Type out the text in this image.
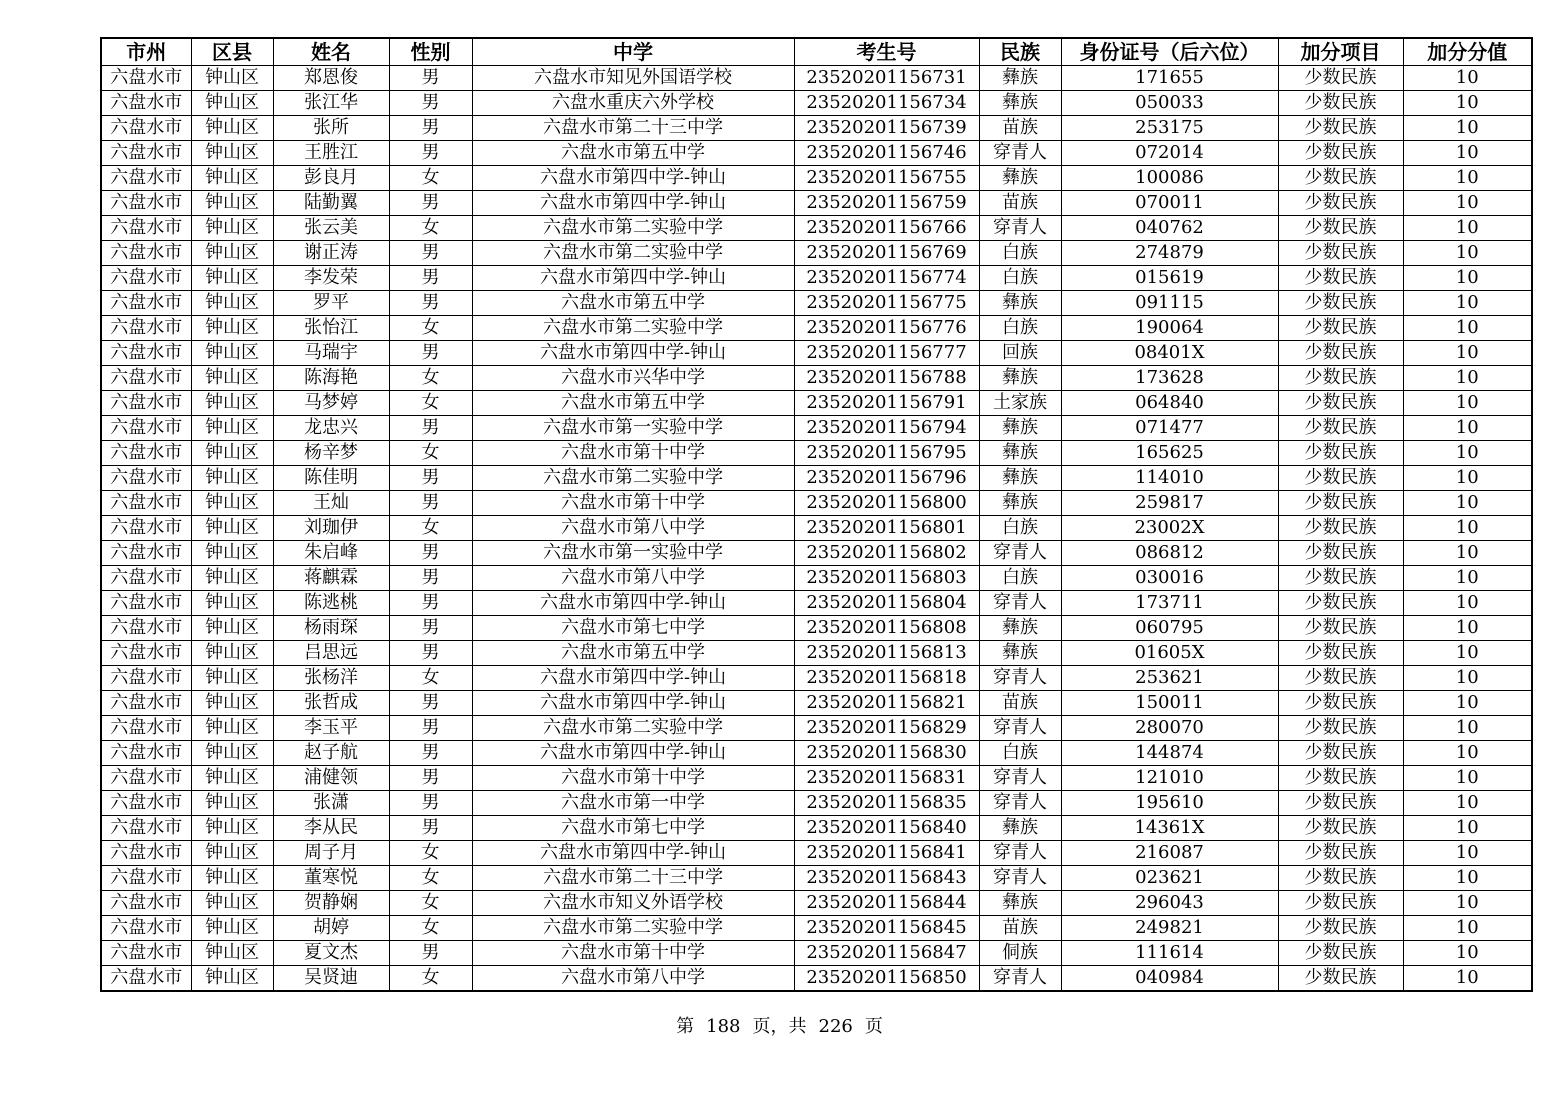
市州	区县	姓名	性别	中学	考生号	民族	身份证号（后六位）	加分项目	加分分值
六盘水市	钟山区	郑恩俊	男	六盘水市知见外国语学校	23520201156731	彝族	171655	少数民族	10
六盘水市	钟山区	张江华	男	六盘水重庆六外学校	23520201156734	彝族	050033	少数民族	10
六盘水市	钟山区	张所	男	六盘水市第二十三中学	23520201156739	苗族	253175	少数民族	10
六盘水市	钟山区	王胜江	男	六盘水市第五中学	23520201156746	穿青人	072014	少数民族	10
六盘水市	钟山区	彭良月	女	六盘水市第四中学-钟山	23520201156755	彝族	100086	少数民族	10
六盘水市	钟山区	陆勤翼	男	六盘水市第四中学-钟山	23520201156759	苗族	070011	少数民族	10
六盘水市	钟山区	张云美	女	六盘水市第二实验中学	23520201156766	穿青人	040762	少数民族	10
六盘水市	钟山区	谢正涛	男	六盘水市第二实验中学	23520201156769	白族	274879	少数民族	10
六盘水市	钟山区	李发荣	男	六盘水市第四中学-钟山	23520201156774	白族	015619	少数民族	10
六盘水市	钟山区	罗平	男	六盘水市第五中学	23520201156775	彝族	091115	少数民族	10
六盘水市	钟山区	张怡江	女	六盘水市第二实验中学	23520201156776	白族	190064	少数民族	10
六盘水市	钟山区	马瑞宇	男	六盘水市第四中学-钟山	23520201156777	回族	08401X	少数民族	10
六盘水市	钟山区	陈海艳	女	六盘水市兴华中学	23520201156788	彝族	173628	少数民族	10
六盘水市	钟山区	马梦婷	女	六盘水市第五中学	23520201156791	土家族	064840	少数民族	10
六盘水市	钟山区	龙忠兴	男	六盘水市第一实验中学	23520201156794	彝族	071477	少数民族	10
六盘水市	钟山区	杨辛梦	女	六盘水市第十中学	23520201156795	彝族	165625	少数民族	10
六盘水市	钟山区	陈佳明	男	六盘水市第二实验中学	23520201156796	彝族	114010	少数民族	10
六盘水市	钟山区	王灿	男	六盘水市第十中学	23520201156800	彝族	259817	少数民族	10
六盘水市	钟山区	刘珈伊	女	六盘水市第八中学	23520201156801	白族	23002X	少数民族	10
六盘水市	钟山区	朱启峰	男	六盘水市第一实验中学	23520201156802	穿青人	086812	少数民族	10
六盘水市	钟山区	蒋麒霖	男	六盘水市第八中学	23520201156803	白族	030016	少数民族	10
六盘水市	钟山区	陈逃桃	男	六盘水市第四中学-钟山	23520201156804	穿青人	173711	少数民族	10
六盘水市	钟山区	杨雨琛	男	六盘水市第七中学	23520201156808	彝族	060795	少数民族	10
六盘水市	钟山区	吕思远	男	六盘水市第五中学	23520201156813	彝族	01605X	少数民族	10
六盘水市	钟山区	张杨洋	女	六盘水市第四中学-钟山	23520201156818	穿青人	253621	少数民族	10
六盘水市	钟山区	张哲成	男	六盘水市第四中学-钟山	23520201156821	苗族	150011	少数民族	10
六盘水市	钟山区	李玉平	男	六盘水市第二实验中学	23520201156829	穿青人	280070	少数民族	10
六盘水市	钟山区	赵子航	男	六盘水市第四中学-钟山	23520201156830	白族	144874	少数民族	10
六盘水市	钟山区	浦健领	男	六盘水市第十中学	23520201156831	穿青人	121010	少数民族	10
六盘水市	钟山区	张潇	男	六盘水市第一中学	23520201156835	穿青人	195610	少数民族	10
六盘水市	钟山区	李从民	男	六盘水市第七中学	23520201156840	彝族	14361X	少数民族	10
六盘水市	钟山区	周子月	女	六盘水市第四中学-钟山	23520201156841	穿青人	216087	少数民族	10
六盘水市	钟山区	董寒悦	女	六盘水市第二十三中学	23520201156843	穿青人	023621	少数民族	10
六盘水市	钟山区	贺静娴	女	六盘水市知义外语学校	23520201156844	彝族	296043	少数民族	10
六盘水市	钟山区	胡婷	女	六盘水市第二实验中学	23520201156845	苗族	249821	少数民族	10
六盘水市	钟山区	夏文杰	男	六盘水市第十中学	23520201156847	侗族	111614	少数民族	10
六盘水市	钟山区	吴贤迪	女	六盘水市第八中学	23520201156850	穿青人	040984	少数民族	10
第 188 页，共 226 页
